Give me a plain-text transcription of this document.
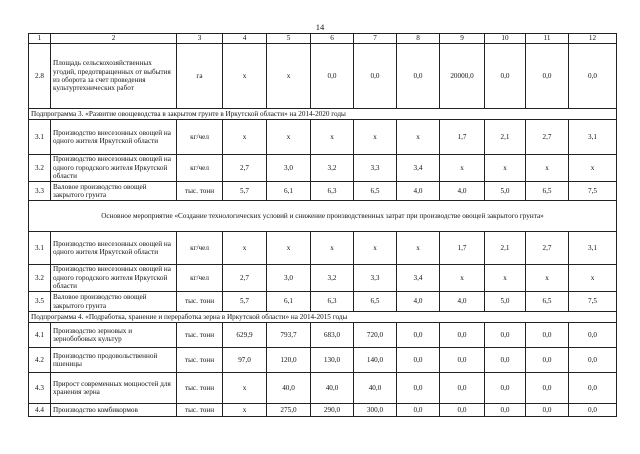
14
1	2	3	4	5	6	7	8	9	10	11	12
2.8	Площадь сельскохозяйственных угодий, предотвращенных от выбытия из оборота за счет проведения культуртехнических работ	га	х	х	0,0	0,0	0,0	20000,0	0,0	0,0	0,0
Подпрограмма 3. «Развитие овощеводства в закрытом грунте в Иркутской области» на 2014-2020 годы											
3.1	Производство внесезонных овощей на одного жителя Иркутской области	кг/чел	х	х	х	х	х	1,7	2,1	2,7	3,1
3.2	Производство внесезонных овощей на одного городского жителя Иркутской области	кг/чел	2,7	3,0	3,2	3,3	3,4	х	х	х	х
3.3	Валовое производство овощей закрытого грунта	тыс. тонн	5,7	6,1	6,3	6,5	4,0	4,0	5,0	6,5	7,5
Основное мероприятие «Создание технологических условий и снижение производственных затрат при производстве овощей закрытого грунта»											
3.1	Производство внесезонных овощей на одного жителя Иркутской области	кг/чел	х	х	х	х	х	1,7	2,1	2,7	3,1
3.2	Производство внесезонных овощей на одного городского жителя Иркутской области	кг/чел	2,7	3,0	3,2	3,3	3,4	х	х	х	х
3.5	Валовое производство овощей закрытого грунта	тыс. тонн	5,7	6,1	6,3	6,5	4,0	4,0	5,0	6,5	7,5
Подпрограмма 4. «Подработка, хранение и переработка зерна в Иркутской области» на 2014-2015 годы											
4.1	Производство зерновых и зернобобовых культур	тыс. тонн	629,9	793,7	683,0	720,0	0,0	0,0	0,0	0,0	0,0
4.2	Производство продовольственной пшеницы	тыс. тонн	97,0	120,0	130,0	140,0	0,0	0,0	0,0	0,0	0,0
4.3	Прирост современных мощностей для хранения зерна	тыс. тонн	х	40,0	40,0	40,0	0,0	0,0	0,0	0,0	0,0
4.4	Производство комбикормов	тыс. тонн	х	275,0	290,0	300,0	0,0	0,0	0,0	0,0	0,0
